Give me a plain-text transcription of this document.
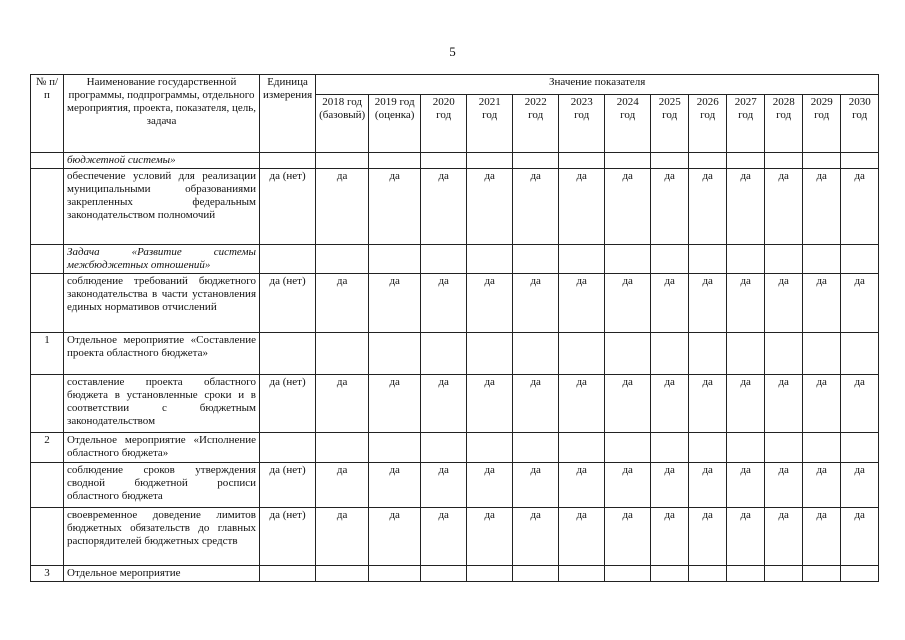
5
№ п/п	Наименование государственной программы, подпрограммы, отдельного мероприятия, проекта, показателя, цель, задача	Единица измерения	Значение показателя												
			2018 год (базовый)	2019 год (оценка)	2020 год	2021 год	2022 год	2023 год	2024 год	2025 год	2026 год	2027 год	2028 год	2029 год	2030 год
	бюджетной системы»														
	обеспечение условий для реализации муниципальными образованиями закрепленных федеральным законодательством полномочий	да (нет)	да	да	да	да	да	да	да	да	да	да	да	да	да
	Задача «Развитие системы межбюджетных отношений»														
	соблюдение требований бюджетного законодательства в части установления единых нормативов отчислений	да (нет)	да	да	да	да	да	да	да	да	да	да	да	да	да
1	Отдельное мероприятие «Составление проекта областного бюджета»														
	составление проекта областного бюджета в установленные сроки и в соответствии с бюджетным законодательством	да (нет)	да	да	да	да	да	да	да	да	да	да	да	да	да
2	Отдельное мероприятие «Исполнение областного бюджета»														
	соблюдение сроков утверждения сводной бюджетной росписи областного бюджета	да (нет)	да	да	да	да	да	да	да	да	да	да	да	да	да
	своевременное доведение лимитов бюджетных обязательств до главных распорядителей бюджетных средств	да (нет)	да	да	да	да	да	да	да	да	да	да	да	да	да
3	Отдельное мероприятие														
